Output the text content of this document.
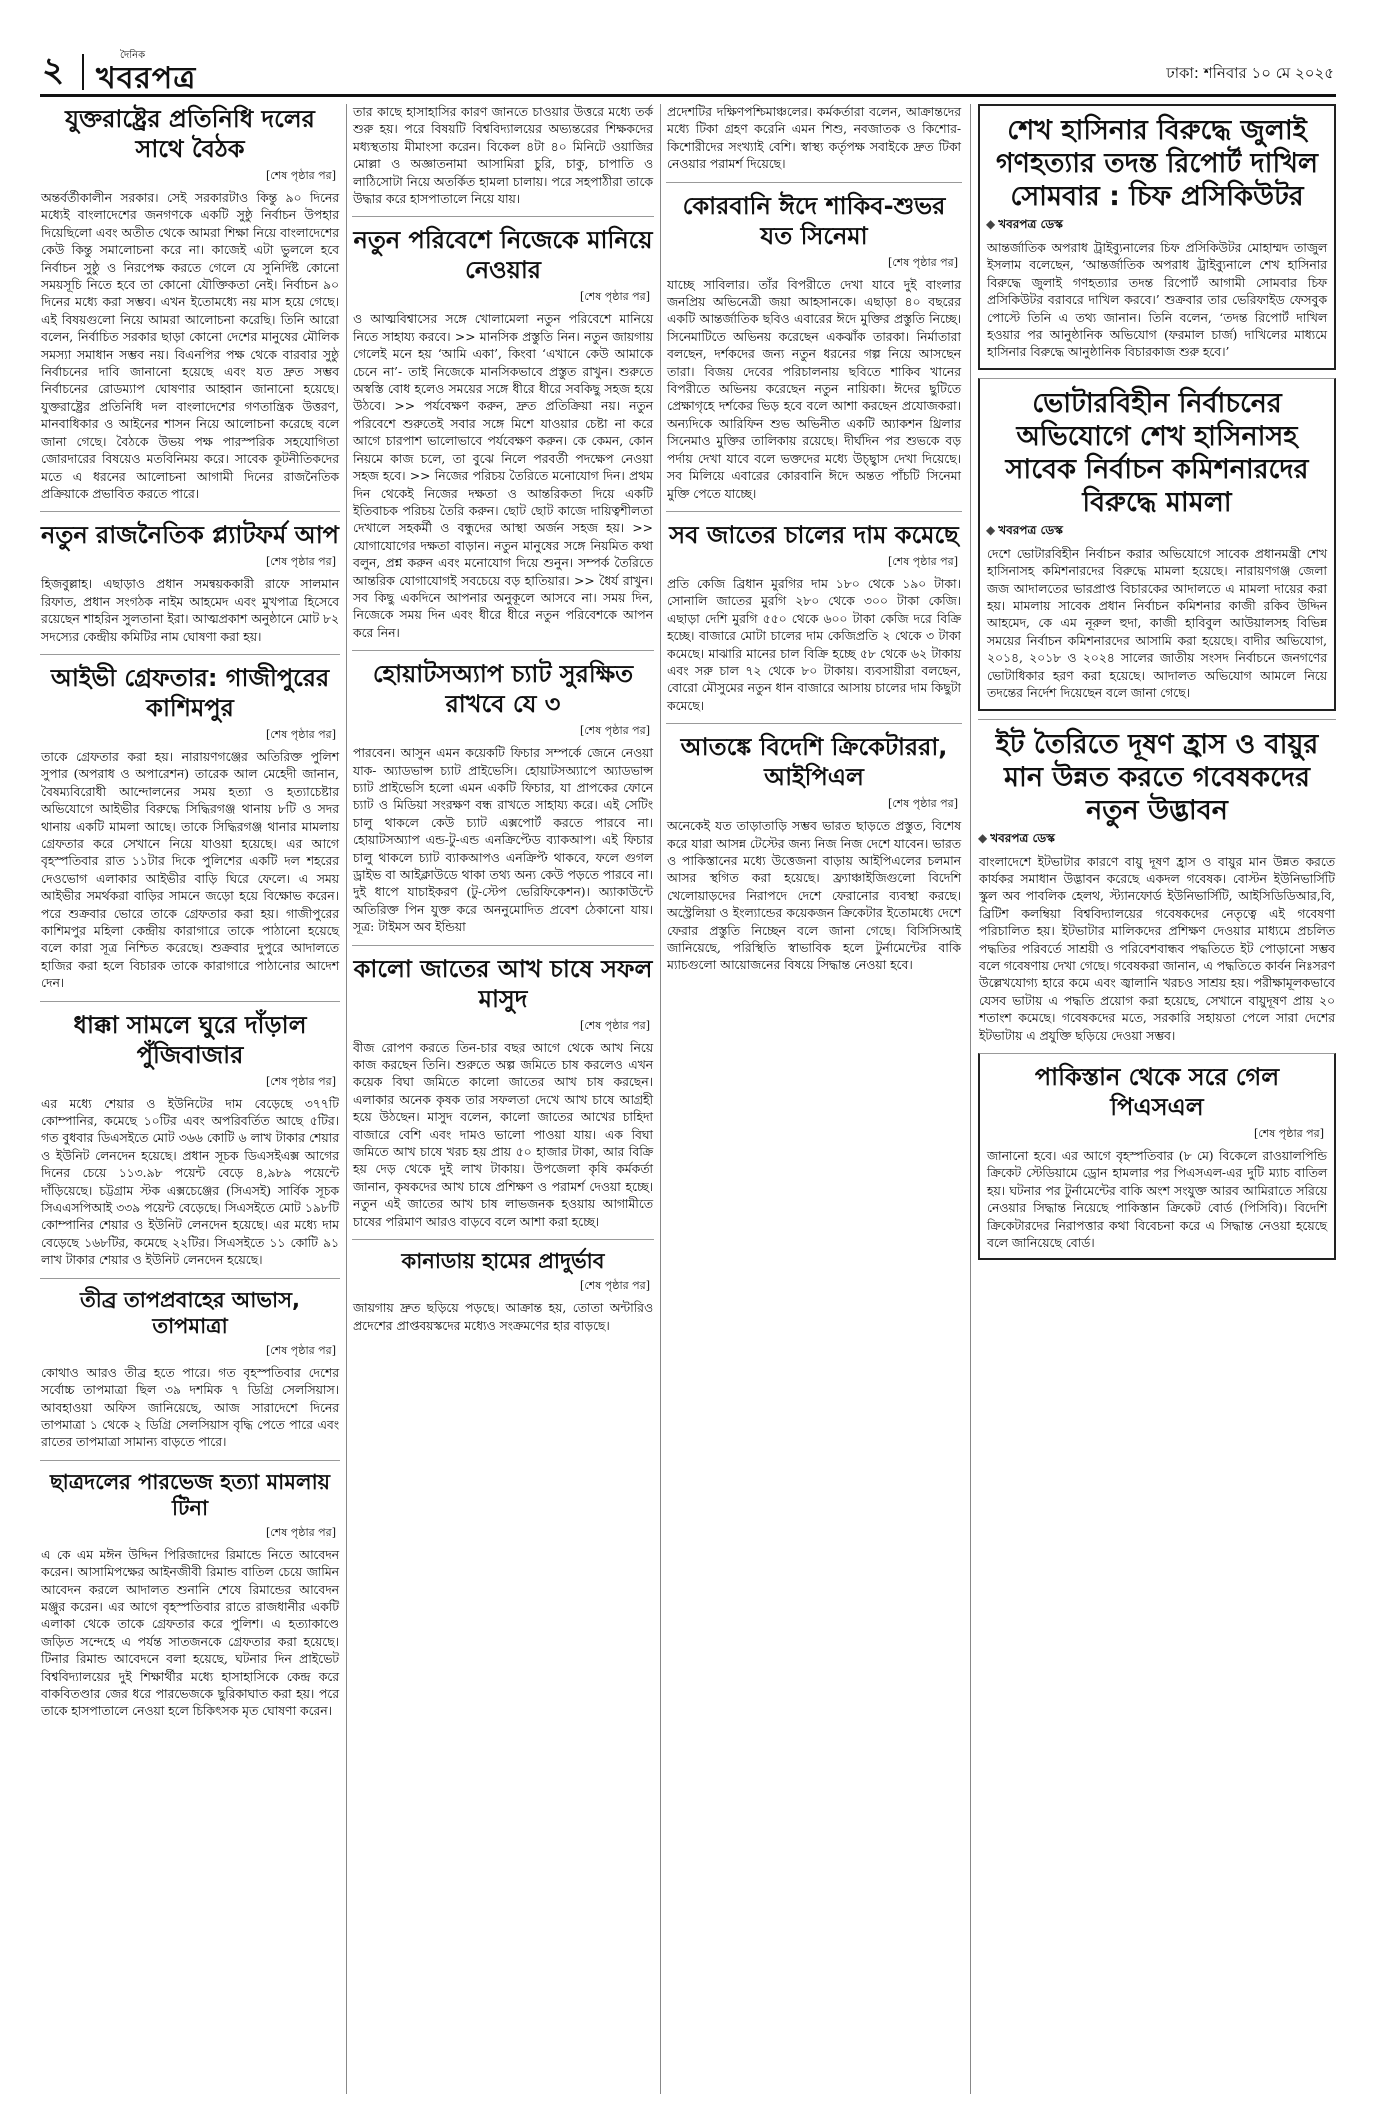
২	দৈনিক
খবরপত্র	ঢাকা: শনিবার ১০ মে ২০২৫
যুক্তরাষ্ট্রের প্রতিনিধি দলের সাথে বৈঠক
[শেষ পৃষ্ঠার পর]

অন্তর্বর্তীকালীন সরকার। সেই সরকারটাও কিন্তু ৯০ দিনের মধ্যেই বাংলাদেশের জনগণকে একটি সুষ্ঠু নির্বাচন উপহার দিয়েছিলো এবং অতীত থেকে আমরা শিক্ষা নিয়ে বাংলাদেশের কেউ কিন্তু সমালোচনা করে না। কাজেই এটা ভুললে হবে নির্বাচন সুষ্ঠু ও নিরপেক্ষ করতে গেলে যে সুনির্দিষ্ট কোনো সময়সূচি নিতে হবে তা কোনো যৌক্তিকতা নেই। নির্বাচন ৯০ দিনের মধ্যে করা সম্ভব। এখন ইতোমধ্যে নয় মাস হয়ে গেছে। এই বিষয়গুলো নিয়ে আমরা আলোচনা করেছি। তিনি আরো বলেন, নির্বাচিত সরকার ছাড়া কোনো দেশের মানুষের মৌলিক সমস্যা সমাধান সম্ভব নয়। বিএনপির পক্ষ থেকে বারবার সুষ্ঠু নির্বাচনের দাবি জানানো হয়েছে এবং যত দ্রুত সম্ভব নির্বাচনের রোডম্যাপ ঘোষণার আহ্বান জানানো হয়েছে। যুক্তরাষ্ট্রের প্রতিনিধি দল বাংলাদেশের গণতান্ত্রিক উত্তরণ, মানবাধিকার ও আইনের শাসন নিয়ে আলোচনা করেছে বলে জানা গেছে। বৈঠকে উভয় পক্ষ পারস্পরিক সহযোগিতা জোরদারের বিষয়েও মতবিনিময় করে। সাবেক কূটনীতিকদের মতে এ ধরনের আলোচনা আগামী দিনের রাজনৈতিক প্রক্রিয়াকে প্রভাবিত করতে পারে।

নতুন রাজনৈতিক প্ল্যাটফর্ম আপ
[শেষ পৃষ্ঠার পর]

হিজবুল্লাহ। এছাড়াও প্রধান সমন্বয়ককারী রাফে সালমান রিফাত, প্রধান সংগঠক নাইম আহমেদ এবং মুখপাত্র হিসেবে রয়েছেন শাহরিন সুলতানা ইরা। আত্মপ্রকাশ অনুষ্ঠানে মোট ৮২ সদস্যের কেন্দ্রীয় কমিটির নাম ঘোষণা করা হয়।

আইভী গ্রেফতার: গাজীপুরের কাশিমপুর
[শেষ পৃষ্ঠার পর]

তাকে গ্রেফতার করা হয়। নারায়ণগঞ্জের অতিরিক্ত পুলিশ সুপার (অপরাধ ও অপারেশন) তারেক আল মেহেদী জানান, বৈষম্যবিরোধী আন্দোলনের সময় হত্যা ও হত্যাচেষ্টার অভিযোগে আইভীর বিরুদ্ধে সিদ্ধিরগঞ্জ থানায় ৮টি ও সদর থানায় একটি মামলা আছে। তাকে সিদ্ধিরগঞ্জ থানার মামলায় গ্রেফতার করে সেখানে নিয়ে যাওয়া হয়েছে। এর আগে বৃহস্পতিবার রাত ১১টার দিকে পুলিশের একটি দল শহরের দেওভোগ এলাকার আইভীর বাড়ি ঘিরে ফেলে। এ সময় আইভীর সমর্থকরা বাড়ির সামনে জড়ো হয়ে বিক্ষোভ করেন। পরে শুক্রবার ভোরে তাকে গ্রেফতার করা হয়। গাজীপুরের কাশিমপুর মহিলা কেন্দ্রীয় কারাগারে তাকে পাঠানো হয়েছে বলে কারা সূত্র নিশ্চিত করেছে। শুক্রবার দুপুরে আদালতে হাজির করা হলে বিচারক তাকে কারাগারে পাঠানোর আদেশ দেন।

ধাক্কা সামলে ঘুরে দাঁড়াল পুঁজিবাজার
[শেষ পৃষ্ঠার পর]

এর মধ্যে শেয়ার ও ইউনিটের দাম বেড়েছে ৩৭৭টি কোম্পানির, কমেছে ১০টির এবং অপরিবর্তিত আছে ৫টির। গত বুধবার ডিএসইতে মোট ৩৬৬ কোটি ৬ লাখ টাকার শেয়ার ও ইউনিট লেনদেন হয়েছে। প্রধান সূচক ডিএসইএক্স আগের দিনের চেয়ে ১১৩.৯৮ পয়েন্ট বেড়ে ৪,৯৮৯ পয়েন্টে দাঁড়িয়েছে। চট্টগ্রাম স্টক এক্সচেঞ্জের (সিএসই) সার্বিক সূচক সিএএসপিআই ৩৩৯ পয়েন্ট বেড়েছে। সিএসইতে মোট ১৯৮টি কোম্পানির শেয়ার ও ইউনিট লেনদেন হয়েছে। এর মধ্যে দাম বেড়েছে ১৬৮টির, কমেছে ২২টির। সিএসইতে ১১ কোটি ৯১ লাখ টাকার শেয়ার ও ইউনিট লেনদেন হয়েছে।

তীব্র তাপপ্রবাহের আভাস, তাপমাত্রা
[শেষ পৃষ্ঠার পর]

কোথাও আরও তীব্র হতে পারে। গত বৃহস্পতিবার দেশের সর্বোচ্চ তাপমাত্রা ছিল ৩৯ দশমিক ৭ ডিগ্রি সেলসিয়াস। আবহাওয়া অফিস জানিয়েছে, আজ সারাদেশে দিনের তাপমাত্রা ১ থেকে ২ ডিগ্রি সেলসিয়াস বৃদ্ধি পেতে পারে এবং রাতের তাপমাত্রা সামান্য বাড়তে পারে।

ছাত্রদলের পারভেজ হত্যা মামলায় টিনা
[শেষ পৃষ্ঠার পর]

এ কে এম মঈন উদ্দিন পিরিজাদের রিমান্ডে নিতে আবেদন করেন। আসামিপক্ষের আইনজীবী রিমান্ড বাতিল চেয়ে জামিন আবেদন করলে আদালত শুনানি শেষে রিমান্ডের আবেদন মঞ্জুর করেন। এর আগে বৃহস্পতিবার রাতে রাজধানীর একটি এলাকা থেকে তাকে গ্রেফতার করে পুলিশ। এ হত্যাকাণ্ডে জড়িত সন্দেহে এ পর্যন্ত সাতজনকে গ্রেফতার করা হয়েছে। টিনার রিমান্ড আবেদনে বলা হয়েছে, ঘটনার দিন প্রাইভেট বিশ্ববিদ্যালয়ের দুই শিক্ষার্থীর মধ্যে হাসাহাসিকে কেন্দ্র করে বাকবিতণ্ডার জের ধরে পারভেজকে ছুরিকাঘাত করা হয়। পরে তাকে হাসপাতালে নেওয়া হলে চিকিৎসক মৃত ঘোষণা করেন।

তার কাছে হাসাহাসির কারণ জানতে চাওয়ার উত্তরে মধ্যে তর্ক শুরু হয়। পরে বিষয়টি বিশ্ববিদ্যালয়ের অভ্যন্তরের শিক্ষকদের মধ্যস্থতায় মীমাংসা করেন। বিকেল ৪টা ৪০ মিনিটে ওয়াজির মোল্লা ও অজ্ঞাতনামা আসামিরা চুরি, চাকু, চাপাতি ও লাঠিসোটা নিয়ে অতর্কিত হামলা চালায়। পরে সহপাঠীরা তাকে উদ্ধার করে হাসপাতালে নিয়ে যায়।

নতুন পরিবেশে নিজেকে মানিয়ে নেওয়ার
[শেষ পৃষ্ঠার পর]

ও আত্মবিশ্বাসের সঙ্গে খোলামেলা নতুন পরিবেশে মানিয়ে নিতে সাহায্য করবে। >> মানসিক প্রস্তুতি নিন। নতুন জায়গায় গেলেই মনে হয় ‘আমি একা’, কিংবা ‘এখানে কেউ আমাকে চেনে না’- তাই নিজেকে মানসিকভাবে প্রস্তুত রাখুন। শুরুতে অস্বস্তি বোধ হলেও সময়ের সঙ্গে ধীরে ধীরে সবকিছু সহজ হয়ে উঠবে। >> পর্যবেক্ষণ করুন, দ্রুত প্রতিক্রিয়া নয়। নতুন পরিবেশে শুরুতেই সবার সঙ্গে মিশে যাওয়ার চেষ্টা না করে আগে চারপাশ ভালোভাবে পর্যবেক্ষণ করুন। কে কেমন, কোন নিয়মে কাজ চলে, তা বুঝে নিলে পরবর্তী পদক্ষেপ নেওয়া সহজ হবে। >> নিজের পরিচয় তৈরিতে মনোযোগ দিন। প্রথম দিন থেকেই নিজের দক্ষতা ও আন্তরিকতা দিয়ে একটি ইতিবাচক পরিচয় তৈরি করুন। ছোট ছোট কাজে দায়িত্বশীলতা দেখালে সহকর্মী ও বন্ধুদের আস্থা অর্জন সহজ হয়। >> যোগাযোগের দক্ষতা বাড়ান। নতুন মানুষের সঙ্গে নিয়মিত কথা বলুন, প্রশ্ন করুন এবং মনোযোগ দিয়ে শুনুন। সম্পর্ক তৈরিতে আন্তরিক যোগাযোগই সবচেয়ে বড় হাতিয়ার। >> ধৈর্য রাখুন। সব কিছু একদিনে আপনার অনুকূলে আসবে না। সময় দিন, নিজেকে সময় দিন এবং ধীরে ধীরে নতুন পরিবেশকে আপন করে নিন।

হোয়াটসঅ্যাপ চ্যাট সুরক্ষিত রাখবে যে ৩
[শেষ পৃষ্ঠার পর]

পারবেন। আসুন এমন কয়েকটি ফিচার সম্পর্কে জেনে নেওয়া যাক- অ্যাডভান্স চ্যাট প্রাইভেসি। হোয়াটসঅ্যাপে অ্যাডভান্স চ্যাট প্রাইভেসি হলো এমন একটি ফিচার, যা প্রাপকের ফোনে চ্যাট ও মিডিয়া সংরক্ষণ বন্ধ রাখতে সাহায্য করে। এই সেটিং চালু থাকলে কেউ চ্যাট এক্সপোর্ট করতে পারবে না। হোয়াটসঅ্যাপ এন্ড-টু-এন্ড এনক্রিপ্টেড ব্যাকআপ। এই ফিচার চালু থাকলে চ্যাট ব্যাকআপও এনক্রিপ্ট থাকবে, ফলে গুগল ড্রাইভ বা আইক্লাউডে থাকা তথ্য অন্য কেউ পড়তে পারবে না। দুই ধাপে যাচাইকরণ (টু-স্টেপ ভেরিফিকেশন)। অ্যাকাউন্টে অতিরিক্ত পিন যুক্ত করে অননুমোদিত প্রবেশ ঠেকানো যায়। সূত্র: টাইমস অব ইন্ডিয়া

কালো জাতের আখ চাষে সফল মাসুদ
[শেষ পৃষ্ঠার পর]

বীজ রোপণ করতে তিন-চার বছর আগে থেকে আখ নিয়ে কাজ করছেন তিনি। শুরুতে অল্প জমিতে চাষ করলেও এখন কয়েক বিঘা জমিতে কালো জাতের আখ চাষ করছেন। এলাকার অনেক কৃষক তার সফলতা দেখে আখ চাষে আগ্রহী হয়ে উঠছেন। মাসুদ বলেন, কালো জাতের আখের চাহিদা বাজারে বেশি এবং দামও ভালো পাওয়া যায়। এক বিঘা জমিতে আখ চাষে খরচ হয় প্রায় ৫০ হাজার টাকা, আর বিক্রি হয় দেড় থেকে দুই লাখ টাকায়। উপজেলা কৃষি কর্মকর্তা জানান, কৃষকদের আখ চাষে প্রশিক্ষণ ও পরামর্শ দেওয়া হচ্ছে। নতুন এই জাতের আখ চাষ লাভজনক হওয়ায় আগামীতে চাষের পরিমাণ আরও বাড়বে বলে আশা করা হচ্ছে।

কানাডায় হামের প্রাদুর্ভাব
[শেষ পৃষ্ঠার পর]

জায়গায় দ্রুত ছড়িয়ে পড়ছে। আক্রান্ত হয়, তোতা অন্টারিও প্রদেশের প্রাপ্তবয়স্কদের মধ্যেও সংক্রমণের হার বাড়ছে।

প্রদেশটির দক্ষিণপশ্চিমাঞ্চলের। কর্মকর্তারা বলেন, আক্রান্তদের মধ্যে টিকা গ্রহণ করেনি এমন শিশু, নবজাতক ও কিশোর-কিশোরীদের সংখ্যাই বেশি। স্বাস্থ্য কর্তৃপক্ষ সবাইকে দ্রুত টিকা নেওয়ার পরামর্শ দিয়েছে।

কোরবানি ঈদে শাকিব-শুভর যত সিনেমা
[শেষ পৃষ্ঠার পর]

যাচ্ছে সাবিলার। তাঁর বিপরীতে দেখা যাবে দুই বাংলার জনপ্রিয় অভিনেত্রী জয়া আহসানকে। এছাড়া ৪০ বছরের একটি আন্তর্জাতিক ছবিও এবারের ঈদে মুক্তির প্রস্তুতি নিচ্ছে। সিনেমাটিতে অভিনয় করেছেন একঝাঁক তারকা। নির্মাতারা বলছেন, দর্শকদের জন্য নতুন ধরনের গল্প নিয়ে আসছেন তারা। বিজয় দেবের পরিচালনায় ছবিতে শাকিব খানের বিপরীতে অভিনয় করেছেন নতুন নায়িকা। ঈদের ছুটিতে প্রেক্ষাগৃহে দর্শকের ভিড় হবে বলে আশা করছেন প্রযোজকরা। অন্যদিকে আরিফিন শুভ অভিনীত একটি অ্যাকশন থ্রিলার সিনেমাও মুক্তির তালিকায় রয়েছে। দীর্ঘদিন পর শুভকে বড় পর্দায় দেখা যাবে বলে ভক্তদের মধ্যে উচ্ছ্বাস দেখা দিয়েছে। সব মিলিয়ে এবারের কোরবানি ঈদে অন্তত পাঁচটি সিনেমা মুক্তি পেতে যাচ্ছে।

সব জাতের চালের দাম কমেছে
[শেষ পৃষ্ঠার পর]

প্রতি কেজি ব্রিধান মুরগির দাম ১৮০ থেকে ১৯০ টাকা। সোনালি জাতের মুরগি ২৮০ থেকে ৩০০ টাকা কেজি। এছাড়া দেশি মুরগি ৫৫০ থেকে ৬০০ টাকা কেজি দরে বিক্রি হচ্ছে। বাজারে মোটা চালের দাম কেজিপ্রতি ২ থেকে ৩ টাকা কমেছে। মাঝারি মানের চাল বিক্রি হচ্ছে ৫৮ থেকে ৬২ টাকায় এবং সরু চাল ৭২ থেকে ৮০ টাকায়। ব্যবসায়ীরা বলছেন, বোরো মৌসুমের নতুন ধান বাজারে আসায় চালের দাম কিছুটা কমেছে।

আতঙ্কে বিদেশি ক্রিকেটাররা, আইপিএল
[শেষ পৃষ্ঠার পর]

অনেকেই যত তাড়াতাড়ি সম্ভব ভারত ছাড়তে প্রস্তুত, বিশেষ করে যারা আসন্ন টেস্টের জন্য নিজ নিজ দেশে যাবেন। ভারত ও পাকিস্তানের মধ্যে উত্তেজনা বাড়ায় আইপিএলের চলমান আসর স্থগিত করা হয়েছে। ফ্র্যাঞ্চাইজিগুলো বিদেশি খেলোয়াড়দের নিরাপদে দেশে ফেরানোর ব্যবস্থা করছে। অস্ট্রেলিয়া ও ইংল্যান্ডের কয়েকজন ক্রিকেটার ইতোমধ্যে দেশে ফেরার প্রস্তুতি নিচ্ছেন বলে জানা গেছে। বিসিসিআই জানিয়েছে, পরিস্থিতি স্বাভাবিক হলে টুর্নামেন্টের বাকি ম্যাচগুলো আয়োজনের বিষয়ে সিদ্ধান্ত নেওয়া হবে।

শেখ হাসিনার বিরুদ্ধে জুলাই গণহত্যার তদন্ত রিপোর্ট দাখিল সোমবার : চিফ প্রসিকিউটর
◆ খবরপত্র ডেস্ক

আন্তর্জাতিক অপরাধ ট্রাইব্যুনালের চিফ প্রসিকিউটর মোহাম্মদ তাজুল ইসলাম বলেছেন, ‘আন্তর্জাতিক অপরাধ ট্রাইব্যুনালে শেখ হাসিনার বিরুদ্ধে জুলাই গণহত্যার তদন্ত রিপোর্ট আগামী সোমবার চিফ প্রসিকিউটর বরাবরে দাখিল করবে।’ শুক্রবার তার ভেরিফাইড ফেসবুক পোস্টে তিনি এ তথ্য জানান। তিনি বলেন, ‘তদন্ত রিপোর্ট দাখিল হওয়ার পর আনুষ্ঠানিক অভিযোগ (ফরমাল চার্জ) দাখিলের মাধ্যমে হাসিনার বিরুদ্ধে আনুষ্ঠানিক বিচারকাজ শুরু হবে।’

ভোটারবিহীন নির্বাচনের অভিযোগে শেখ হাসিনাসহ সাবেক নির্বাচন কমিশনারদের বিরুদ্ধে মামলা
◆ খবরপত্র ডেস্ক

দেশে ভোটারবিহীন নির্বাচন করার অভিযোগে সাবেক প্রধানমন্ত্রী শেখ হাসিনাসহ কমিশনারদের বিরুদ্ধে মামলা হয়েছে। নারায়ণগঞ্জ জেলা জজ আদালতের ভারপ্রাপ্ত বিচারকের আদালতে এ মামলা দায়ের করা হয়। মামলায় সাবেক প্রধান নির্বাচন কমিশনার কাজী রকিব উদ্দিন আহমেদ, কে এম নূরুল হুদা, কাজী হাবিবুল আউয়ালসহ বিভিন্ন সময়ের নির্বাচন কমিশনারদের আসামি করা হয়েছে। বাদীর অভিযোগ, ২০১৪, ২০১৮ ও ২০২৪ সালের জাতীয় সংসদ নির্বাচনে জনগণের ভোটাধিকার হরণ করা হয়েছে। আদালত অভিযোগ আমলে নিয়ে তদন্তের নির্দেশ দিয়েছেন বলে জানা গেছে।

ইট তৈরিতে দূষণ হ্রাস ও বায়ুর মান উন্নত করতে গবেষকদের নতুন উদ্ভাবন
◆ খবরপত্র ডেস্ক

বাংলাদেশে ইটভাটার কারণে বায়ু দূষণ হ্রাস ও বায়ুর মান উন্নত করতে কার্যকর সমাধান উদ্ভাবন করেছে একদল গবেষক। বোস্টন ইউনিভার্সিটি স্কুল অব পাবলিক হেলথ, স্ট্যানফোর্ড ইউনিভার্সিটি, আইসিডিডিআর,বি, ব্রিটিশ কলম্বিয়া বিশ্ববিদ্যালয়ের গবেষকদের নেতৃত্বে এই গবেষণা পরিচালিত হয়। ইটভাটার মালিকদের প্রশিক্ষণ দেওয়ার মাধ্যমে প্রচলিত পদ্ধতির পরিবর্তে সাশ্রয়ী ও পরিবেশবান্ধব পদ্ধতিতে ইট পোড়ানো সম্ভব বলে গবেষণায় দেখা গেছে। গবেষকরা জানান, এ পদ্ধতিতে কার্বন নিঃসরণ উল্লেখযোগ্য হারে কমে এবং জ্বালানি খরচও সাশ্রয় হয়। পরীক্ষামূলকভাবে যেসব ভাটায় এ পদ্ধতি প্রয়োগ করা হয়েছে, সেখানে বায়ুদূষণ প্রায় ২০ শতাংশ কমেছে। গবেষকদের মতে, সরকারি সহায়তা পেলে সারা দেশের ইটভাটায় এ প্রযুক্তি ছড়িয়ে দেওয়া সম্ভব।

পাকিস্তান থেকে সরে গেল পিএসএল
[শেষ পৃষ্ঠার পর]

জানানো হবে। এর আগে বৃহস্পতিবার (৮ মে) বিকেলে রাওয়ালপিন্ডি ক্রিকেট স্টেডিয়ামে ড্রোন হামলার পর পিএসএল-এর দুটি ম্যাচ বাতিল হয়। ঘটনার পর টুর্নামেন্টের বাকি অংশ সংযুক্ত আরব আমিরাতে সরিয়ে নেওয়ার সিদ্ধান্ত নিয়েছে পাকিস্তান ক্রিকেট বোর্ড (পিসিবি)। বিদেশি ক্রিকেটারদের নিরাপত্তার কথা বিবেচনা করে এ সিদ্ধান্ত নেওয়া হয়েছে বলে জানিয়েছে বোর্ড।
